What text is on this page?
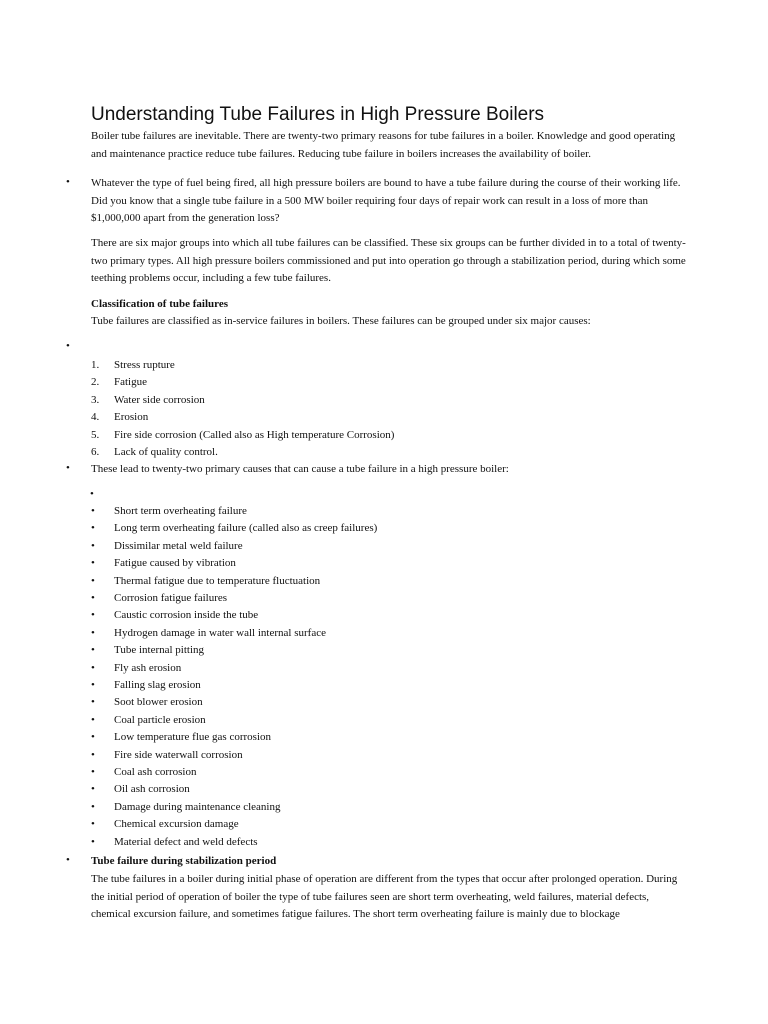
Understanding Tube Failures in High Pressure Boilers

Boiler tube failures are inevitable. There are twenty-two primary reasons for tube failures in a boiler. Knowledge and good operating and maintenance practice reduce tube failures. Reducing tube failure in boilers increases the availability of boiler.

• Whatever the type of fuel being fired, all high pressure boilers are bound to have a tube failure during the course of their working life. Did you know that a single tube failure in a 500 MW boiler requiring four days of repair work can result in a loss of more than $1,000,000 apart from the generation loss?

There are six major groups into which all tube failures can be classified. These six groups can be further divided in to a total of twenty-two primary types. All high pressure boilers commissioned and put into operation go through a stabilization period, during which some teething problems occur, including a few tube failures.

Classification of tube failures

Tube failures are classified as in-service failures in boilers. These failures can be grouped under six major causes:

•
1. Stress rupture
2. Fatigue
3. Water side corrosion
4. Erosion
5. Fire side corrosion (Called also as High temperature Corrosion)
6. Lack of quality control.
• These lead to twenty-two primary causes that can cause a tube failure in a high pressure boiler:

•
• Short term overheating failure
• Long term overheating failure (called also as creep failures)
• Dissimilar metal weld failure
• Fatigue caused by vibration
• Thermal fatigue due to temperature fluctuation
• Corrosion fatigue failures
• Caustic corrosion inside the tube
• Hydrogen damage in water wall internal surface
• Tube internal pitting
• Fly ash erosion
• Falling slag erosion
• Soot blower erosion
• Coal particle erosion
• Low temperature flue gas corrosion
• Fire side waterwall corrosion
• Coal ash corrosion
• Oil ash corrosion
• Damage during maintenance cleaning
• Chemical excursion damage
• Material defect and weld defects
• Tube failure during stabilization period

The tube failures in a boiler during initial phase of operation are different from the types that occur after prolonged operation. During the initial period of operation of boiler the type of tube failures seen are short term overheating, weld failures, material defects, chemical excursion failure, and sometimes fatigue failures. The short term overheating failure is mainly due to blockage
